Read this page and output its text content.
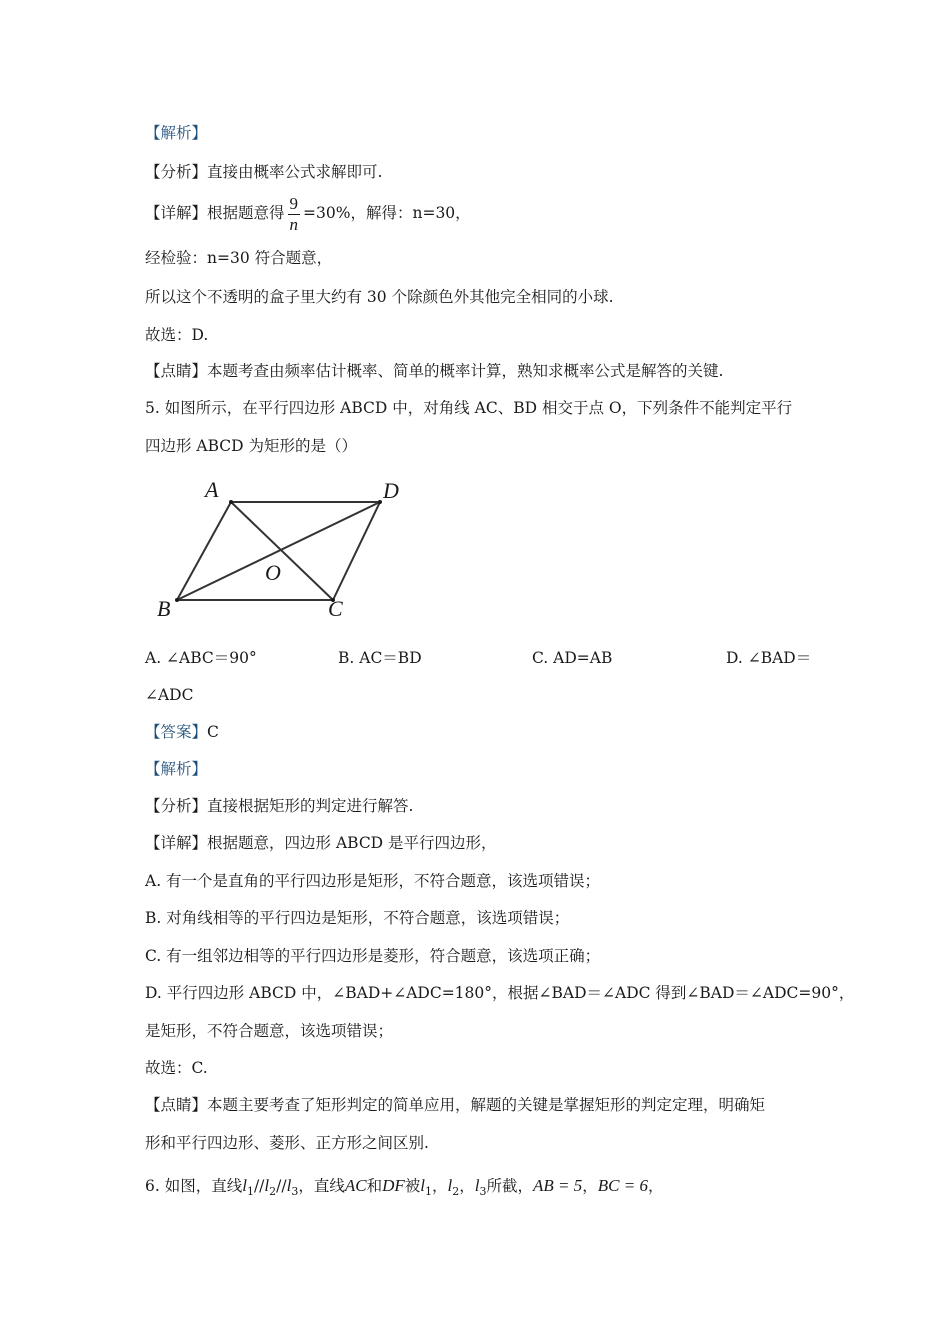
【解析】
【分析】直接由概率公式求解即可.
【详解】根据题意得 $\frac{9}{n} =30\%$，解得：n=30，
经检验：n=30 符合题意，
所以这个不透明的盒子里大约有 30 个除颜色外其他完全相同的小球.
故选：D.
【点睛】本题考查由频率估计概率、简单的概率计算，熟知求概率公式是解答的关键.
5. 如图所示，在平行四边形 ABCD 中，对角线 AC、BD 相交于点 O，下列条件不能判定平行
四边形 ABCD 为矩形的是（）
A	D
O
B	C
A. ∠ABC＝90°	B. AC＝BD	C. AD=AB	D. ∠BAD＝
∠ADC
【答案】C
【解析】
【分析】直接根据矩形的判定进行解答.
【详解】根据题意，四边形 ABCD 是平行四边形，
A. 有一个是直角的平行四边形是矩形，不符合题意，该选项错误；
B. 对角线相等的平行四边是矩形，不符合题意，该选项错误；
C. 有一组邻边相等的平行四边形是菱形，符合题意，该选项正确；
D. 平行四边形 ABCD 中，∠BAD+∠ADC=180°，根据∠BAD＝∠ADC 得到∠BAD＝∠ADC=90°，
是矩形，不符合题意，该选项错误；
故选：C.
【点睛】本题主要考查了矩形判定的简单应用，解题的关键是掌握矩形的判定定理，明确矩
形和平行四边形、菱形、正方形之间区别.
6. 如图，直线$l_1//l_2//l_3$，直线AC和DF被$l_1$，$l_2$，$l_3$所截，AB = 5，BC = 6，
